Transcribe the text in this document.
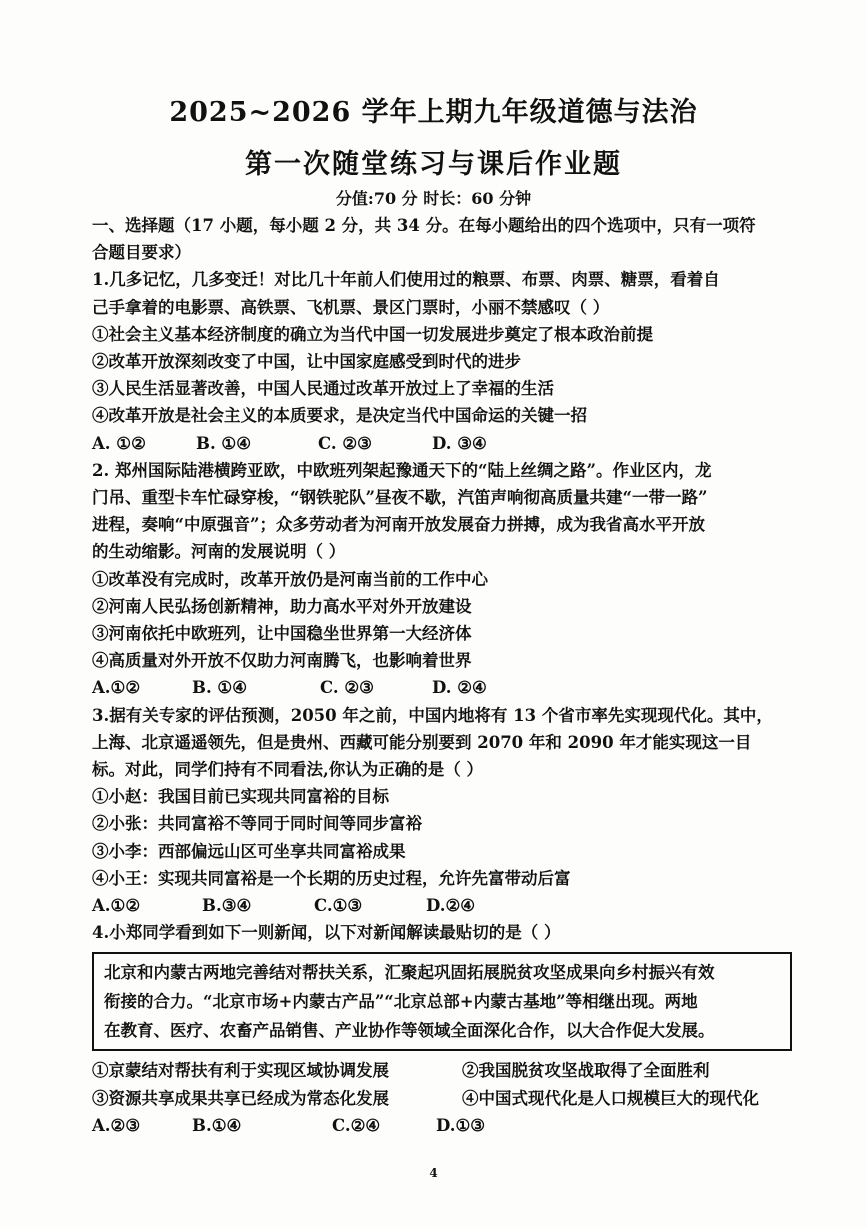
2025~2026 学年上期九年级道德与法治
第一次随堂练习与课后作业题
分值:70 分 时长：60 分钟
一、选择题（17 小题，每小题 2 分，共 34 分。在每小题给出的四个选项中，只有一项符
合题目要求）
1.几多记忆，几多变迁！对比几十年前人们使用过的粮票、布票、肉票、糖票，看着自
己手拿着的电影票、高铁票、飞机票、景区门票时，小丽不禁感叹（ ）
①社会主义基本经济制度的确立为当代中国一切发展进步奠定了根本政治前提
②改革开放深刻改变了中国，让中国家庭感受到时代的进步
③人民生活显著改善，中国人民通过改革开放过上了幸福的生活
④改革开放是社会主义的本质要求，是决定当代中国命运的关键一招
A. ①②	B. ①④	C. ②③	D. ③④
2. 郑州国际陆港横跨亚欧，中欧班列架起豫通天下的“陆上丝绸之路”。作业区内，龙
门吊、重型卡车忙碌穿梭，“钢铁驼队”昼夜不歇，汽笛声响彻高质量共建“一带一路”
进程，奏响“中原强音”；众多劳动者为河南开放发展奋力拼搏，成为我省高水平开放
的生动缩影。河南的发展说明（ ）
①改革没有完成时，改革开放仍是河南当前的工作中心
②河南人民弘扬创新精神，助力高水平对外开放建设
③河南依托中欧班列，让中国稳坐世界第一大经济体
④高质量对外开放不仅助力河南腾飞，也影响着世界
A.①②	B. ①④	C. ②③	D. ②④
3.据有关专家的评估预测，2050 年之前，中国内地将有 13 个省市率先实现现代化。其中，
上海、北京遥遥领先，但是贵州、西藏可能分别要到 2070 年和 2090 年才能实现这一目
标。对此，同学们持有不同看法,你认为正确的是（ ）
①小赵：我国目前已实现共同富裕的目标
②小张：共同富裕不等同于同时间等同步富裕
③小李：西部偏远山区可坐享共同富裕成果
④小王：实现共同富裕是一个长期的历史过程，允许先富带动后富
A.①②	B.③④	C.①③	D.②④
4.小郑同学看到如下一则新闻，以下对新闻解读最贴切的是（ ）
北京和内蒙古两地完善结对帮扶关系，汇聚起巩固拓展脱贫攻坚成果向乡村振兴有效
衔接的合力。“北京市场+内蒙古产品”“北京总部+内蒙古基地”等相继出现。两地
在教育、医疗、农畜产品销售、产业协作等领域全面深化合作，以大合作促大发展。
①京蒙结对帮扶有利于实现区域协调发展	②我国脱贫攻坚战取得了全面胜利
③资源共享成果共享已经成为常态化发展	④中国式现代化是人口规模巨大的现代化
A.②③	B.①④	C.②④	D.①③
4
